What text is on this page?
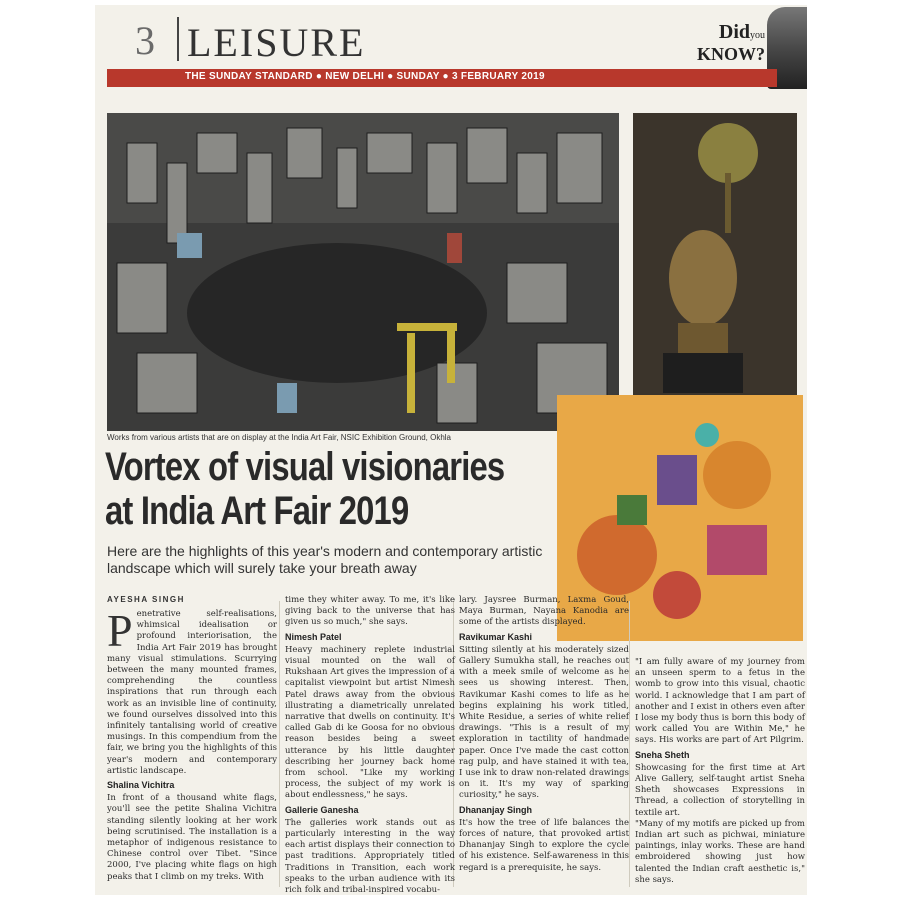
3 LEISURE	Didyou
KNOW?
THE SUNDAY STANDARD ● NEW DELHI ● SUNDAY ● 3 FEBRUARY 2019
Works from various artists that are on display at the India Art Fair, NSIC Exhibition Ground, Okhla
Vortex of visual visionaries
at India Art Fair 2019
Here are the highlights of this year's modern and contemporary artistic landscape which will surely take your breath away
AYESHA SINGH

Penetrative self-realisations, whimsical idealisation or profound interiorisation, the India Art Fair 2019 has brought many visual stimulations. Scurrying between the many mounted frames, comprehending the countless inspirations that run through each work as an invisible line of continuity, we found ourselves dissolved into this infinitely tantalising world of creative musings. In this compendium from the fair, we bring you the highlights of this year's modern and contemporary artistic landscape.

Shalina Vichitra

In front of a thousand white flags, you'll see the petite Shalina Vichitra standing silently looking at her work being scrutinised. The installation is a metaphor of indigenous resistance to Chinese control over Tibet. "Since 2000, I've placing white flags on high peaks that I climb on my treks. With

time they whiter away. To me, it's like giving back to the universe that has given us so much," she says.

Nimesh Patel

Heavy machinery replete industrial visual mounted on the wall of Rukshaan Art gives the impression of a capitalist viewpoint but artist Nimesh Patel draws away from the obvious illustrating a diametrically unrelated narrative that dwells on continuity. It's called Gab di ke Goosa for no obvious reason besides being a sweet utterance by his little daughter describing her journey back home from school. "Like my working process, the subject of my work is about endlessness," he says.

Gallerie Ganesha

The galleries work stands out as particularly interesting in the way each artist displays their connection to past traditions. Appropriately titled Traditions in Transition, each work speaks to the urban audience with its rich folk and tribal-inspired vocabu-

lary. Jaysree Burman, Laxma Goud, Maya Burman, Nayana Kanodia are some of the artists displayed.

Ravikumar Kashi

Sitting silently at his moderately sized Gallery Sumukha stall, he reaches out with a meek smile of welcome as he sees us showing interest. Then, Ravikumar Kashi comes to life as he begins explaining his work titled, White Residue, a series of white relief drawings. "This is a result of my exploration in tactility of handmade paper. Once I've made the cast cotton rag pulp, and have stained it with tea, I use ink to draw non-related drawings on it. It's my way of sparking curiosity," he says.

Dhananjay Singh

It's how the tree of life balances the forces of nature, that provoked artist Dhananjay Singh to explore the cycle of his existence. Self-awareness in this regard is a prerequisite, he says.

"I am fully aware of my journey from an unseen sperm to a fetus in the womb to grow into this visual, chaotic world. I acknowledge that I am part of another and I exist in others even after I lose my body thus is born this body of work called You are Within Me," he says. His works are part of Art Pilgrim.

Sneha Sheth

Showcasing for the first time at Art Alive Gallery, self-taught artist Sneha Sheth showcases Expressions in Thread, a collection of storytelling in textile art.

"Many of my motifs are picked up from Indian art such as pichwai, miniature paintings, inlay works. These are hand embroidered showing just how talented the Indian craft aesthetic is," she says.
